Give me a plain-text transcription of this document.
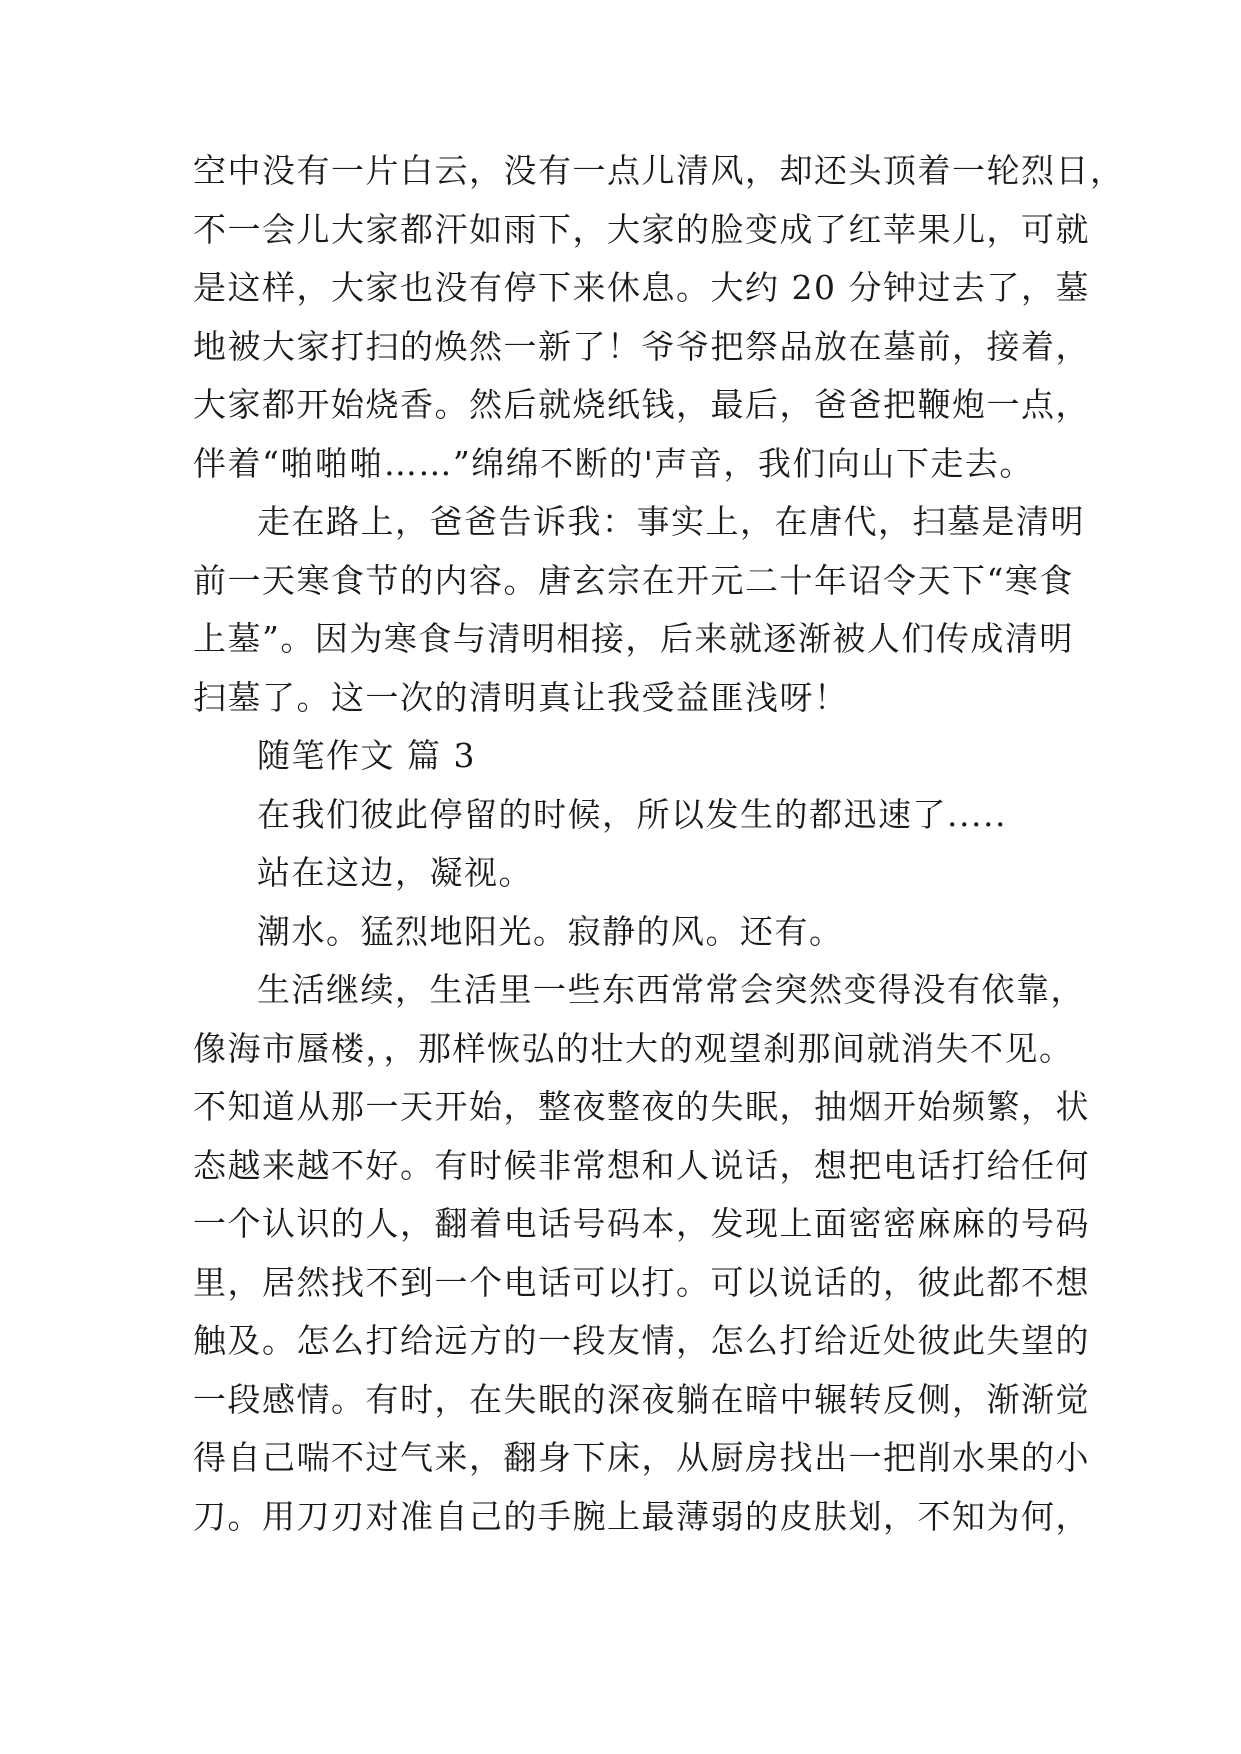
空中没有一片白云，没有一点儿清风，却还头顶着一轮烈日，
不一会儿大家都汗如雨下，大家的脸变成了红苹果儿，可就
是这样，大家也没有停下来休息。大约 20 分钟过去了，墓
地被大家打扫的焕然一新了！爷爷把祭品放在墓前，接着，
大家都开始烧香。然后就烧纸钱，最后，爸爸把鞭炮一点，
伴着“啪啪啪……”绵绵不断的'声音，我们向山下走去。
走在路上，爸爸告诉我：事实上，在唐代，扫墓是清明
前一天寒食节的内容。唐玄宗在开元二十年诏令天下“寒食
上墓”。因为寒食与清明相接，后来就逐渐被人们传成清明
扫墓了。这一次的清明真让我受益匪浅呀！
随笔作文 篇 3
在我们彼此停留的时候，所以发生的都迅速了.....
站在这边，凝视。
潮水。猛烈地阳光。寂静的风。还有。
生活继续，生活里一些东西常常会突然变得没有依靠，
像海市蜃楼，，那样恢弘的壮大的观望刹那间就消失不见。
不知道从那一天开始，整夜整夜的失眠，抽烟开始频繁，状
态越来越不好。有时候非常想和人说话，想把电话打给任何
一个认识的人，翻着电话号码本，发现上面密密麻麻的号码
里，居然找不到一个电话可以打。可以说话的，彼此都不想
触及。怎么打给远方的一段友情，怎么打给近处彼此失望的
一段感情。有时，在失眠的深夜躺在暗中辗转反侧，渐渐觉
得自己喘不过气来，翻身下床，从厨房找出一把削水果的小
刀。用刀刃对准自己的手腕上最薄弱的皮肤划，不知为何，
